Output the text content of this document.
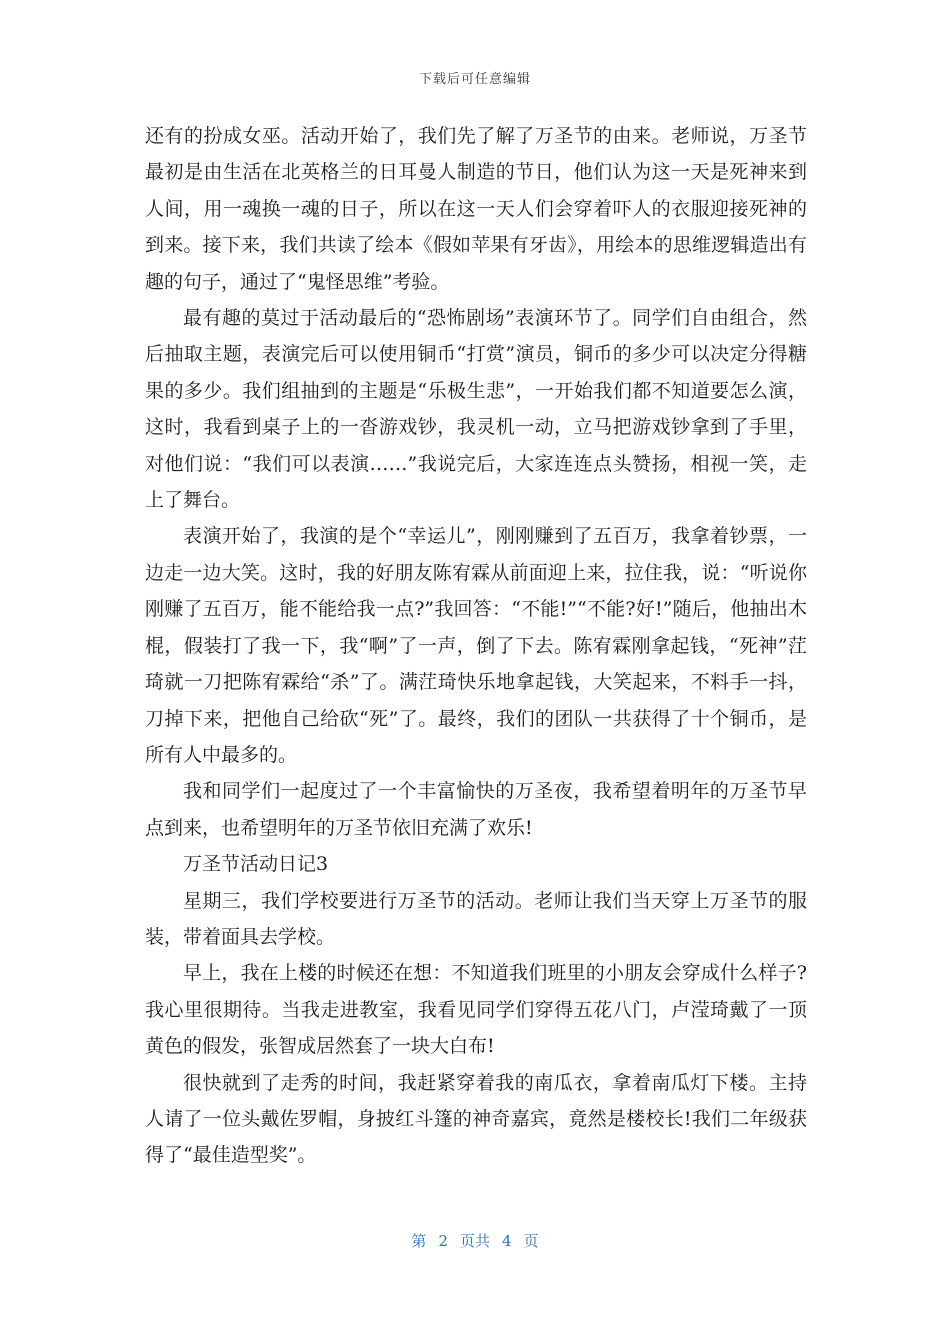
下载后可任意编辑

还有的扮成女巫。活动开始了，我们先了解了万圣节的由来。老师说，万圣节最初是由生活在北英格兰的日耳曼人制造的节日，他们认为这一天是死神来到人间，用一魂换一魂的日子，所以在这一天人们会穿着吓人的衣服迎接死神的到来。接下来，我们共读了绘本《假如苹果有牙齿》，用绘本的思维逻辑造出有趣的句子，通过了“鬼怪思维”考验。

最有趣的莫过于活动最后的“恐怖剧场”表演环节了。同学们自由组合，然后抽取主题，表演完后可以使用铜币“打赏”演员，铜币的多少可以决定分得糖果的多少。我们组抽到的主题是“乐极生悲”，一开始我们都不知道要怎么演，这时，我看到桌子上的一沓游戏钞，我灵机一动，立马把游戏钞拿到了手里，对他们说：“我们可以表演……”我说完后，大家连连点头赞扬，相视一笑，走上了舞台。

表演开始了，我演的是个“幸运儿”，刚刚赚到了五百万，我拿着钞票，一边走一边大笑。这时，我的好朋友陈宥霖从前面迎上来，拉住我，说：“听说你刚赚了五百万，能不能给我一点?”我回答：“不能!”“不能?好!”随后，他抽出木棍，假装打了我一下，我“啊”了一声，倒了下去。陈宥霖刚拿起钱，“死神”茳琦就一刀把陈宥霖给“杀”了。满茳琦快乐地拿起钱，大笑起来，不料手一抖，刀掉下来，把他自己给砍“死”了。最终，我们的团队一共获得了十个铜币，是所有人中最多的。

我和同学们一起度过了一个丰富愉快的万圣夜，我希望着明年的万圣节早点到来，也希望明年的万圣节依旧充满了欢乐!

万圣节活动日记3

星期三，我们学校要进行万圣节的活动。老师让我们当天穿上万圣节的服装，带着面具去学校。

早上，我在上楼的时候还在想：不知道我们班里的小朋友会穿成什么样子?我心里很期待。当我走进教室，我看见同学们穿得五花八门，卢滢琦戴了一顶黄色的假发，张智成居然套了一块大白布!

很快就到了走秀的时间，我赶紧穿着我的南瓜衣，拿着南瓜灯下楼。主持人请了一位头戴佐罗帽，身披红斗篷的神奇嘉宾，竟然是楼校长!我们二年级获得了“最佳造型奖”。

第 2 页共 4 页
